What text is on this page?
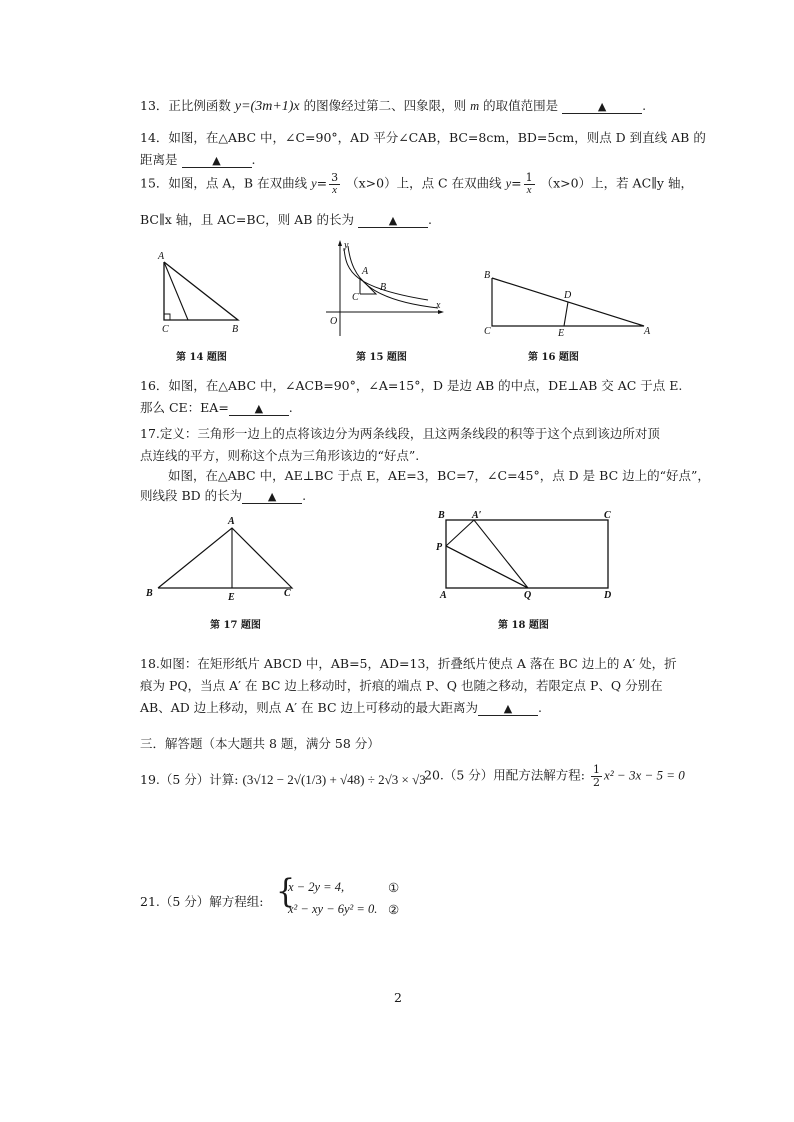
13．正比例函数 y=(3m+1)x 的图像经过第二、四象限，则 m 的取值范围是	▲	.
14．如图，在△ABC 中，∠C=90°，AD 平分∠CAB，BC=8cm，BD=5cm，则点 D 到直线 AB 的
距离是	▲ .
15．如图，点 A，B 在双曲线 $y= \frac{3}{x} (x>0)$上，点 C 在双曲线 $y= \frac{1}{x} (x>0)$上，若 AC∥y 轴，
BC∥x 轴，且 AC=BC，则 AB 的长为	▲ .
A
C	B
第 14 题图
y
x
O
A
B
C
第 15 题图
B
D
C	E	A
第 16 题图
16．如图，在△ABC 中，∠ACB=90°，∠A=15°，D 是边 AB 的中点，DE⊥AB 交 AC 于点 E.
那么 CE：EA= ▲ .
17.定义：三角形一边上的点将该边分为两条线段，且这两条线段的积等于这个点到该边所对顶
点连线的平方，则称这个点为三角形该边的“好点”.
如图，在△ABC 中，AE⊥BC 于点 E，AE=3，BC=7，∠C=45°，点 D 是 BC 边上的“好点”，
则线段 BD 的长为 ▲ .
A
B	E	C
第 17 题图
B	A′	C
P
A	Q	D
第 18 题图
18.如图：在矩形纸片 ABCD 中，AB=5，AD=13，折叠纸片使点 A 落在 BC 边上的 A′ 处，折
痕为 PQ，当点 A′ 在 BC 边上移动时，折痕的端点 P、Q 也随之移动，若限定点 P、Q 分别在
AB、AD 边上移动，则点 A′ 在 BC 边上可移动的最大距离为 ▲ .
三．解答题（本大题共 8 题，满分 58 分）
19.（5 分）计算: (3√12 − 2√(1/3) + √48) ÷ 2√3 × √3
20.（5 分）用配方法解方程: $\frac{1}{2} x^2 - 3x - 5 = 0$
21.（5 分）解方程组: {
x − 2y = 4,
x² − xy − 6y² = 0.
①
②
2
